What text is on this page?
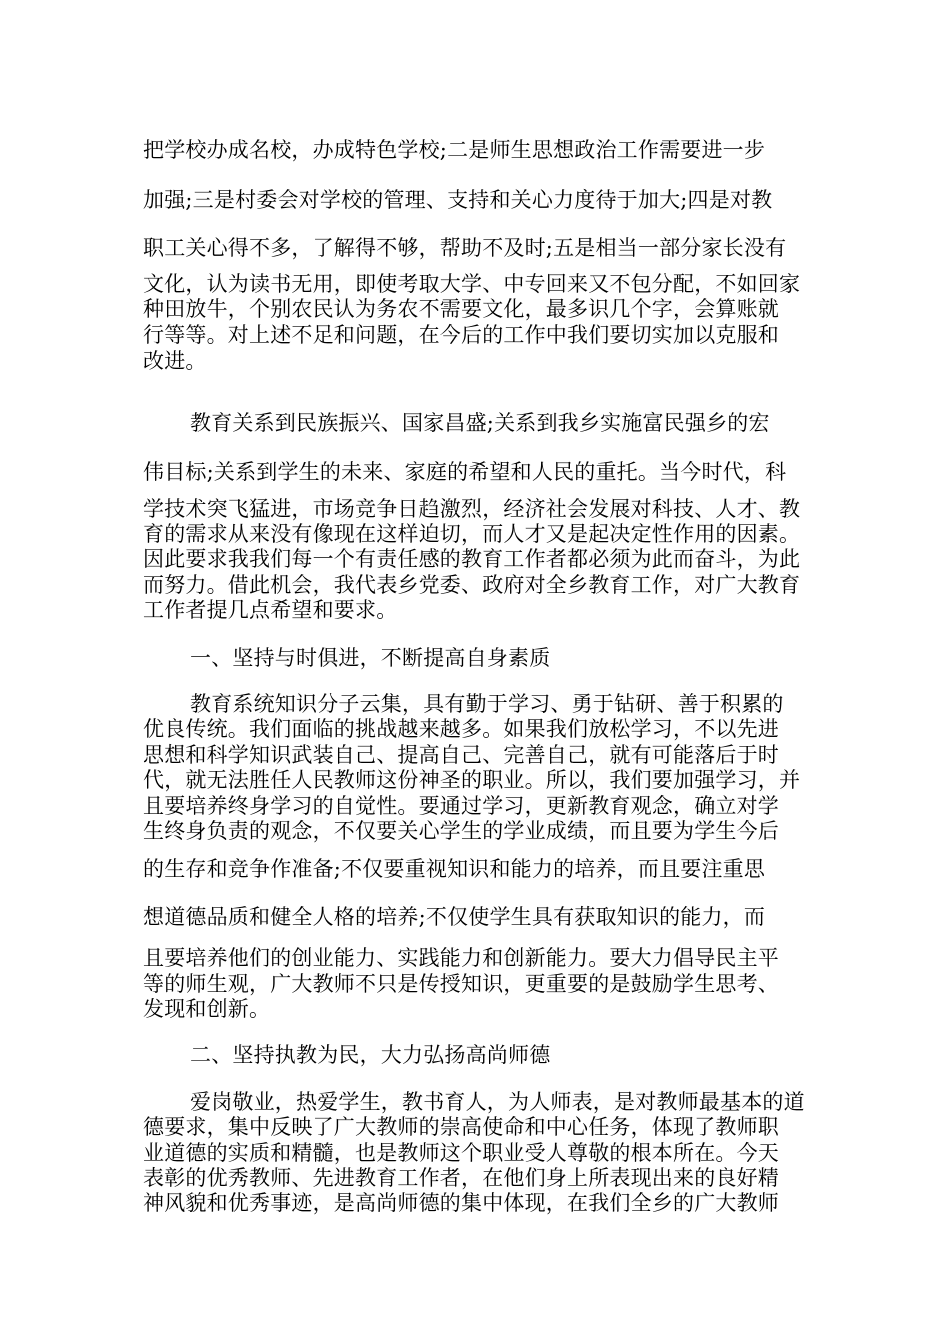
把学校办成名校，办成特色学校;二是师生思想政治工作需要进一步
加强;三是村委会对学校的管理、支持和关心力度待于加大;四是对教
职工关心得不多，了解得不够，帮助不及时;五是相当一部分家长没有
文化，认为读书无用，即使考取大学、中专回来又不包分配，不如回家
种田放牛，个别农民认为务农不需要文化，最多识几个字，会算账就
行等等。对上述不足和问题，在今后的工作中我们要切实加以克服和
改进。
教育关系到民族振兴、国家昌盛;关系到我乡实施富民强乡的宏
伟目标;关系到学生的未来、家庭的希望和人民的重托。当今时代，科
学技术突飞猛进，市场竞争日趋激烈，经济社会发展对科技、人才、教
育的需求从来没有像现在这样迫切，而人才又是起决定性作用的因素。
因此要求我我们每一个有责任感的教育工作者都必须为此而奋斗，为此
而努力。借此机会，我代表乡党委、政府对全乡教育工作，对广大教育
工作者提几点希望和要求。
一、坚持与时俱进，不断提高自身素质
教育系统知识分子云集，具有勤于学习、勇于钻研、善于积累的
优良传统。我们面临的挑战越来越多。如果我们放松学习，不以先进
思想和科学知识武装自己、提高自己、完善自己，就有可能落后于时
代，就无法胜任人民教师这份神圣的职业。所以，我们要加强学习，并
且要培养终身学习的自觉性。要通过学习，更新教育观念，确立对学
生终身负责的观念，不仅要关心学生的学业成绩，而且要为学生今后
的生存和竞争作准备;不仅要重视知识和能力的培养，而且要注重思
想道德品质和健全人格的培养;不仅使学生具有获取知识的能力，而
且要培养他们的创业能力、实践能力和创新能力。要大力倡导民主平
等的师生观，广大教师不只是传授知识，更重要的是鼓励学生思考、
发现和创新。
二、坚持执教为民，大力弘扬高尚师德
爱岗敬业，热爱学生，教书育人，为人师表，是对教师最基本的道
德要求，集中反映了广大教师的崇高使命和中心任务，体现了教师职
业道德的实质和精髓，也是教师这个职业受人尊敬的根本所在。今天
表彰的优秀教师、先进教育工作者，在他们身上所表现出来的良好精
神风貌和优秀事迹，是高尚师德的集中体现，在我们全乡的广大教师
